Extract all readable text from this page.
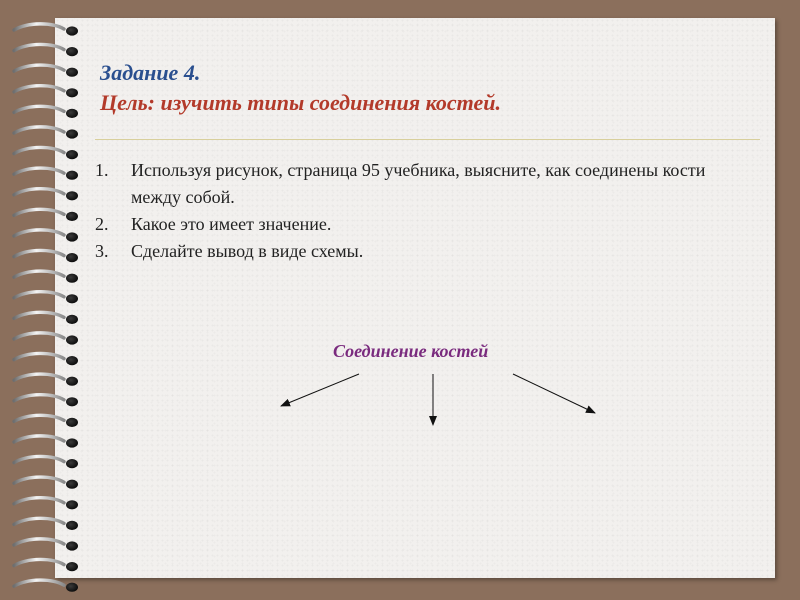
Задание 4.
Цель: изучить типы соединения костей.
1.	Используя рисунок, страница 95 учебника, выясните, как соединены кости между собой.
2.	Какое это имеет значение.
3.	Сделайте вывод в виде схемы.
Соединение костей
